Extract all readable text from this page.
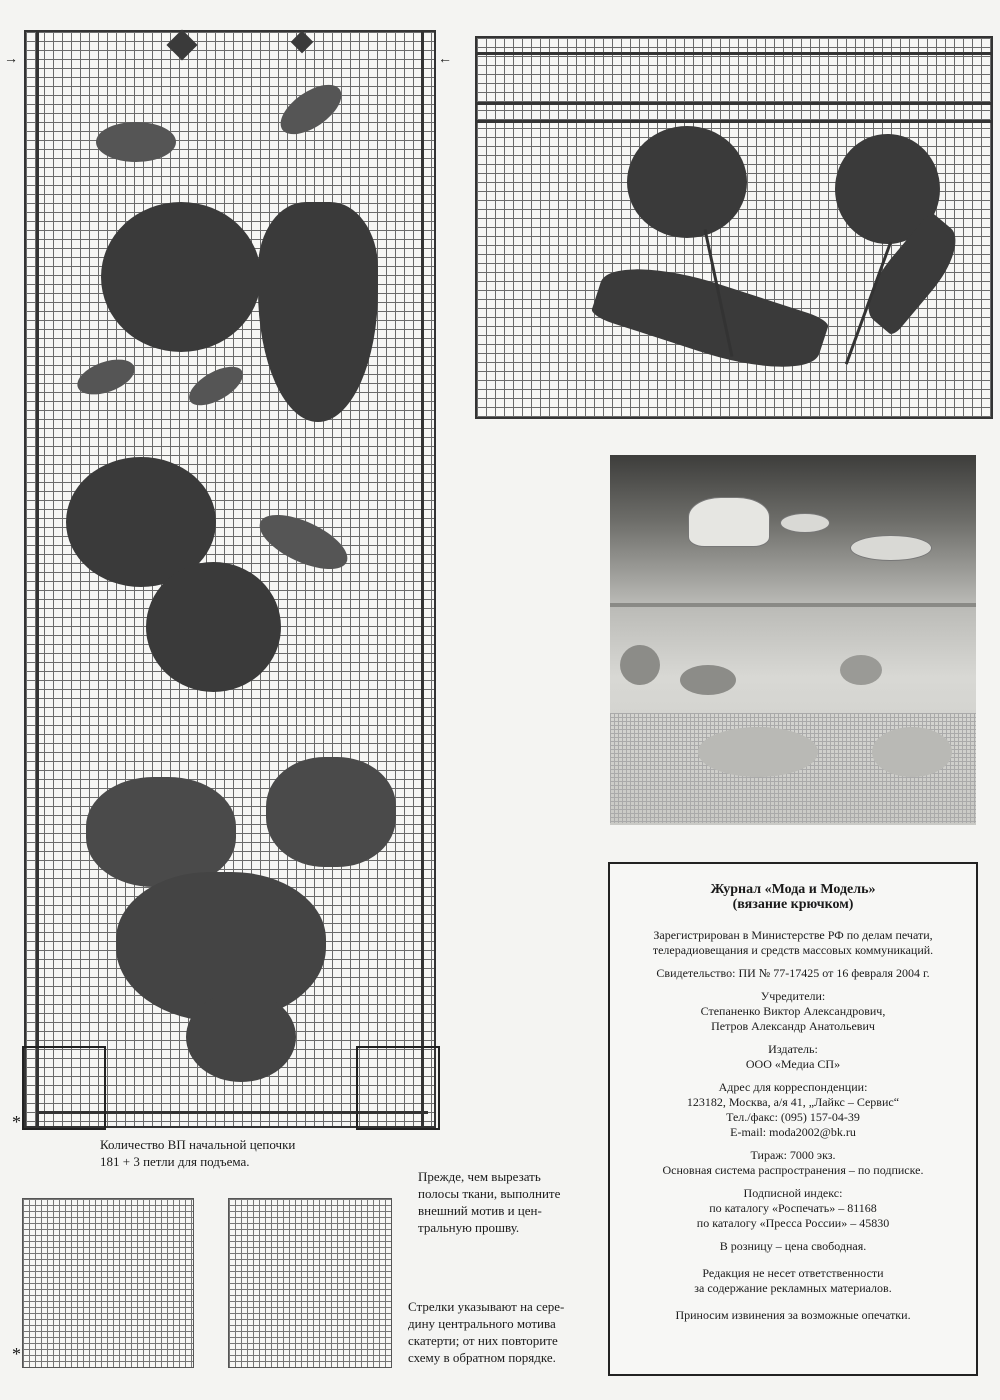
→	←
*
Количество ВП начальной цепочки
181 + 3 петли для подъема.
*
Прежде, чем вырезать
полосы ткани, выполните
внешний мотив и цен-
тральную прошву.
Стрелки указывают на сере-
дину центрального мотива
скатерти; от них повторите
схему в обратном порядке.

Журнал «Мода и Модель»

(вязание крючком)

Зарегистрирован в Министерстве РФ по делам печати,

телерадиовещания и средств массовых коммуникаций.

Свидетельство: ПИ № 77-17425 от 16 февраля 2004 г.

Учредители:

Степаненко Виктор Александрович,

Петров Александр Анатольевич

Издатель:

ООО «Медиа СП»

Адрес для корреспонденции:

123182, Москва, а/я 41, „Лайкс – Сервис“

Тел./факс: (095) 157-04-39

E-mail: moda2002@bk.ru

Тираж: 7000 экз.

Основная система распространения – по подписке.

Подписной индекс:

по каталогу «Роспечать» – 81168

по каталогу «Пресса России» – 45830

В розницу – цена свободная.

Редакция не несет ответственности

за содержание рекламных материалов.

Приносим извинения за возможные опечатки.
